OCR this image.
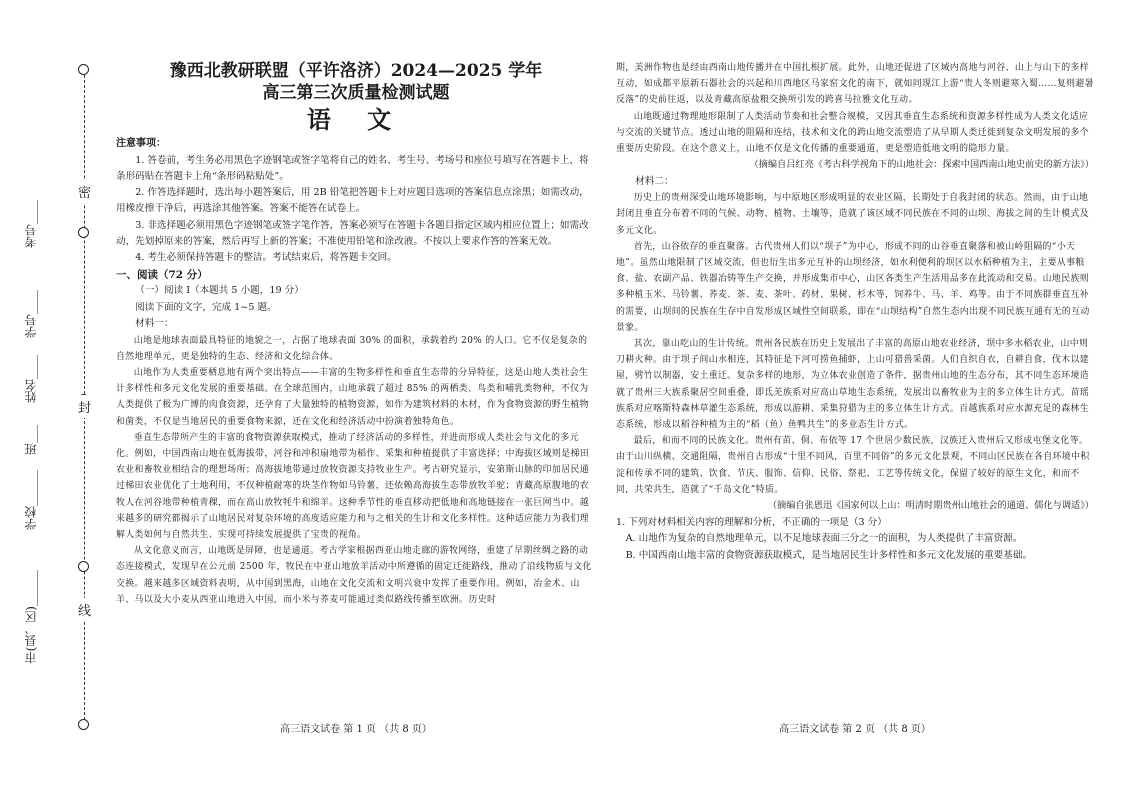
密
封
线
市(县、区)______
学校______
班___
姓名____
学号____
考号____

豫西北教研联盟（平许洛济）2024—2025 学年

高三第三次质量检测试题

语 文

注意事项：

1. 答卷前，考生务必用黑色字迹钢笔或签字笔将自己的姓名、考生号、考场号和座位号填写在答题卡上，将条形码贴在答题卡上角“条形码粘贴处”。

2. 作答选择题时，选出每小题答案后，用 2B 铅笔把答题卡上对应题目选项的答案信息点涂黑；如需改动，用橡皮擦干净后，再选涂其他答案。答案不能答在试卷上。

3. 非选择题必须用黑色字迹钢笔或签字笔作答，答案必须写在答题卡各题目指定区域内相应位置上；如需改动，先划掉原来的答案，然后再写上新的答案；不准使用铅笔和涂改液。不按以上要求作答的答案无效。

4. 考生必须保持答题卡的整洁。考试结束后，将答题卡交回。

一、阅读（72 分）

（一）阅读 Ⅰ（本题共 5 小题，19 分）

阅读下面的文字，完成 1~5 题。

材料一：

山地是地球表面最具特征的地貌之一，占据了地球表面 30% 的面积，承载着约 20% 的人口。它不仅是复杂的自然地理单元，更是独特的生态、经济和文化综合体。

山地作为人类重要栖息地有两个突出特点——丰富的生物多样性和垂直生态带的分异特征，这是山地人类社会生计多样性和多元文化发展的重要基础。在全球范围内，山地承载了超过 85% 的两栖类、鸟类和哺乳类物种，不仅为人类提供了极为广博的肉食资源，还孕育了大量独特的植物资源，如作为建筑材料的木材，作为食物资源的野生植物和菌类，不仅是当地居民的重要食物来源，还在文化和经济活动中扮演着独特角色。

垂直生态带所产生的丰富的食物资源获取模式，推动了经济活动的多样性，并进而形成人类社会与文化的多元化。例如，中国西南山地在低海拔带，河谷和冲积扇地带为稻作、采集和种植提供了丰富选择；中海拔区域则是梯田农业和畜牧业相结合的理想场所；高海拔地带通过放牧资源支持牧业生产。考古研究显示，安第斯山脉的印加居民通过梯田农业优化了土地利用，不仅种植耐寒的块茎作物如马铃薯，还依赖高海拔生态带放牧羊驼；青藏高原腹地的农牧人在河谷地带种植青稞，而在高山放牧牦牛和绵羊。这种季节性的垂直移动把低地和高地链接在一张巨网当中。越来越多的研究都揭示了山地居民对复杂环境的高度适应能力和与之相关的生计和文化多样性。这种适应能力为我们理解人类如何与自然共生、实现可持续发展提供了宝贵的视角。

从文化意义而言，山地既是屏障，也是通道。考古学家根据西亚山地走廊的游牧网络，重建了早期丝绸之路的动态连接模式，发现早在公元前 2500 年，牧民在中亚山地放羊活动中所遵循的固定迁徙路线，推动了沿线物质与文化交换。越来越多区域资料表明，从中国到黑海，山地在文化交流和文明兴衰中发挥了重要作用。例如，冶金术、山羊、马以及大小麦从西亚山地进入中国，而小米与荞麦可能通过类似路线传播至欧洲。历史时

期，美洲作物也是经由西南山地传播并在中国扎根扩展。此外，山地还促进了区域内高地与河谷、山上与山下的多样互动，如成都平原新石器社会的兴起和川西地区马家窑文化的南下，就如同现江上游“贵人冬则避寒入蜀……复则避暑反落”的史前往返，以及青藏高原盐粮交换所引发的跨喜马拉雅文化互动。

山地既通过物理地形限制了人类活动节奏和社会整合规模，又因其垂直生态系统和资源多样性成为人类文化适应与交流的关键节点。透过山地的阻隔和连结，技术和文化的跨山地交流塑造了从早期人类迁徙到复杂文明发展的多个重要历史阶段。在这个意义上，山地不仅是文化传播的重要通道，更是塑造低地文明的隐形力量。

（摘编自吕红亮《考古科学视角下的山地社会：探索中国西南山地史前史的新方法》）

材料二：

历史上的贵州深受山地环境影响，与中原地区形成明显的农业区隔，长期处于自我封闭的状态。然而，由于山地封闭且垂直分布着不同的气候、动物、植物、土壤等，造就了该区域不同民族在不同的山坝、海拔之间的生计模式及多元文化。

首先，山谷依存的垂直聚落。古代贵州人们以“坝子”为中心，形成不同的山谷垂直聚落和被山岭阻隔的“小天地”。虽然山地限制了区域交流，但也衍生出多元互补的山坝经济，如水利便利的坝区以水稻种植为主，主要从事粮食、盐、农副产品、铁器冶铸等生产交换，并形成集市中心，山区各类生产生活用品多在此流动和交易。山地民族则多种植玉米、马铃薯、荞麦、茶、麦、茶叶、药材、果树、杉木等，饲养牛、马、羊、鸡等。由于不同族群垂直互补的需要，山坝间的民族在生存中自发形成区域性空间联系，即在“山坝结构”自然生态内出现不同民族互通有无的互动景象。

其次，靠山吃山的生计传统。贵州各民族在历史上发展出了丰富的高原山地农业经济，坝中多水稻农业，山中则刀耕火种。由于坝子间山水相连，其特征是下河可捞鱼捕虾，上山可猎兽采菌。人们自织自衣，自耕自食，伐木以建屋，劈竹以制器，安土重迁。复杂多样的地形，为立体农业创造了条件，据贵州山地的生态分布，其不同生态环境造就了贵州三大族系聚居空间重叠，即氐羌族系对应高山草地生态系统，发展出以畜牧业为主的多立体生计方式。苗瑶族系对应喀斯特森林草灌生态系统，形成以游耕、采集狩猎为主的多立体生计方式。百越族系对应水源充足的森林生态系统，形成以稻谷种植为主的“稻（鱼）鱼鸭共生”的多业态生计方式。

最后，和而不同的民族文化。贵州有苗、侗、布依等 17 个世居少数民族，汉族迁入贵州后又形成屯堡文化等。由于山川纵横、交通阻隔，贵州自古形成“十里不同风，百里不同俗”的多元文化景观，不同山区民族在各自环境中积淀和传承不同的建筑、饮食、节庆、服饰、信仰、民俗、祭祀、工艺等传统文化，保留了较好的原生文化，和而不同，共荣共生，造就了“千岛文化”特质。

（摘编自张恩迅《国家何以上山：明清时期贵州山地社会的通道、儒化与调适》）

1. 下列对材料相关内容的理解和分析，不正确的一项是（3 分）

A. 山地作为复杂的自然地理单元，以不足地球表面三分之一的面积，为人类提供了丰富资源。

B. 中国西南山地丰富的食物资源获取模式，是当地居民生计多样性和多元文化发展的重要基础。

高三语文试卷 第 1 页 （共 8 页）	高三语文试卷 第 2 页 （共 8 页）
